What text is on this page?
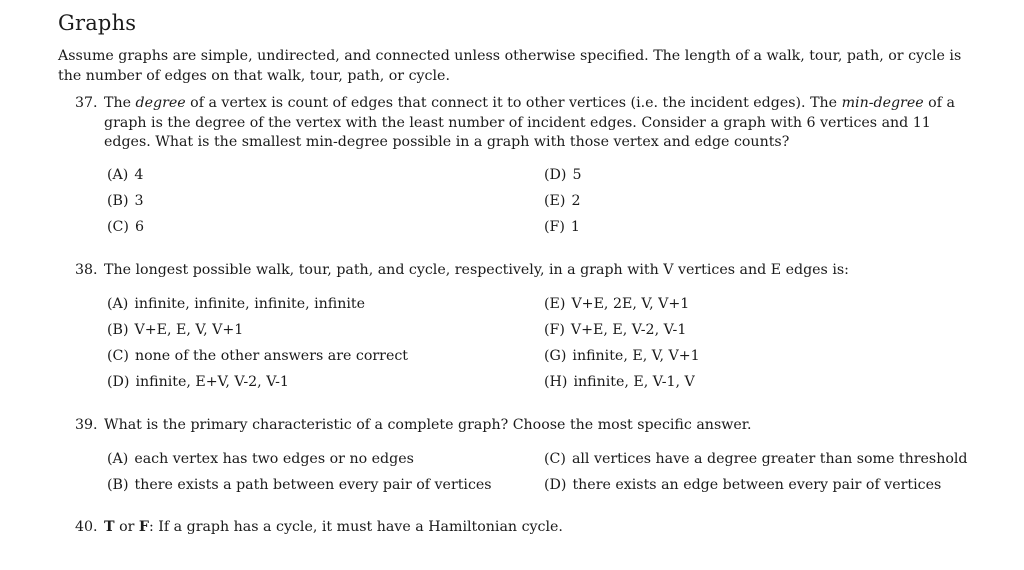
Graphs
Assume graphs are simple, undirected, and connected unless otherwise specified. The length of a walk, tour, path, or cycle is the number of edges on that walk, tour, path, or cycle.
37. The degree of a vertex is count of edges that connect it to other vertices (i.e. the incident edges). The min-degree of a graph is the degree of the vertex with the least number of incident edges. Consider a graph with 6 vertices and 11 edges. What is the smallest min-degree possible in a graph with those vertex and edge counts?
(A) 4
(B) 3
(C) 6
(D) 5
(E) 2
(F) 1
38. The longest possible walk, tour, path, and cycle, respectively, in a graph with V vertices and E edges is:
(A) infinite, infinite, infinite, infinite
(B) V+E, E, V, V+1
(C) none of the other answers are correct
(D) infinite, E+V, V-2, V-1
(E) V+E, 2E, V, V+1
(F) V+E, E, V-2, V-1
(G) infinite, E, V, V+1
(H) infinite, E, V-1, V
39. What is the primary characteristic of a complete graph? Choose the most specific answer.
(A) each vertex has two edges or no edges
(B) there exists a path between every pair of vertices
(C) all vertices have a degree greater than some threshold
(D) there exists an edge between every pair of vertices
40. T or F: If a graph has a cycle, it must have a Hamiltonian cycle.
